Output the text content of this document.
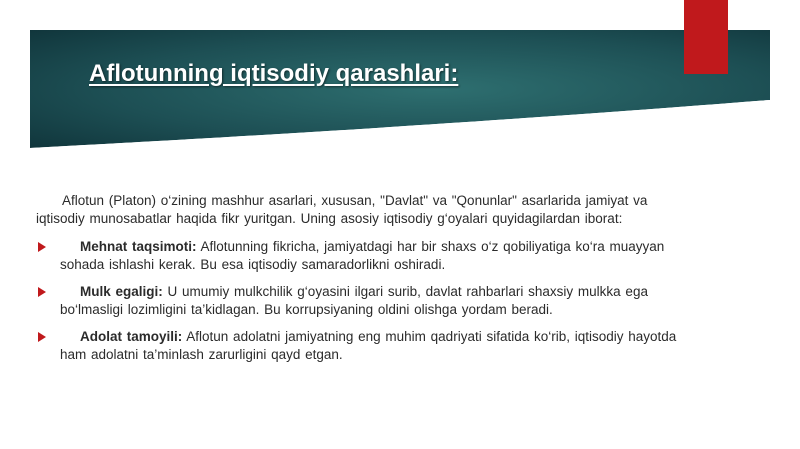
Aflotunning iqtisodiy qarashlari:

Aflotun (Platon) o‘zining mashhur asarlari, xususan, "Davlat" va "Qonunlar" asarlarida jamiyat va iqtisodiy munosabatlar haqida fikr yuritgan. Uning asosiy iqtisodiy g‘oyalari quyidagilardan iborat:

Mehnat taqsimoti: Aflotunning fikricha, jamiyatdagi har bir shaxs o‘z qobiliyatiga ko‘ra muayyan sohada ishlashi kerak. Bu esa iqtisodiy samaradorlikni oshiradi.
Mulk egaligi: U umumiy mulkchilik g‘oyasini ilgari surib, davlat rahbarlari shaxsiy mulkka ega bo‘lmasligi lozimligini ta’kidlagan. Bu korrupsiyaning oldini olishga yordam beradi.
Adolat tamoyili: Aflotun adolatni jamiyatning eng muhim qadriyati sifatida ko‘rib, iqtisodiy hayotda ham adolatni ta’minlash zarurligini qayd etgan.
